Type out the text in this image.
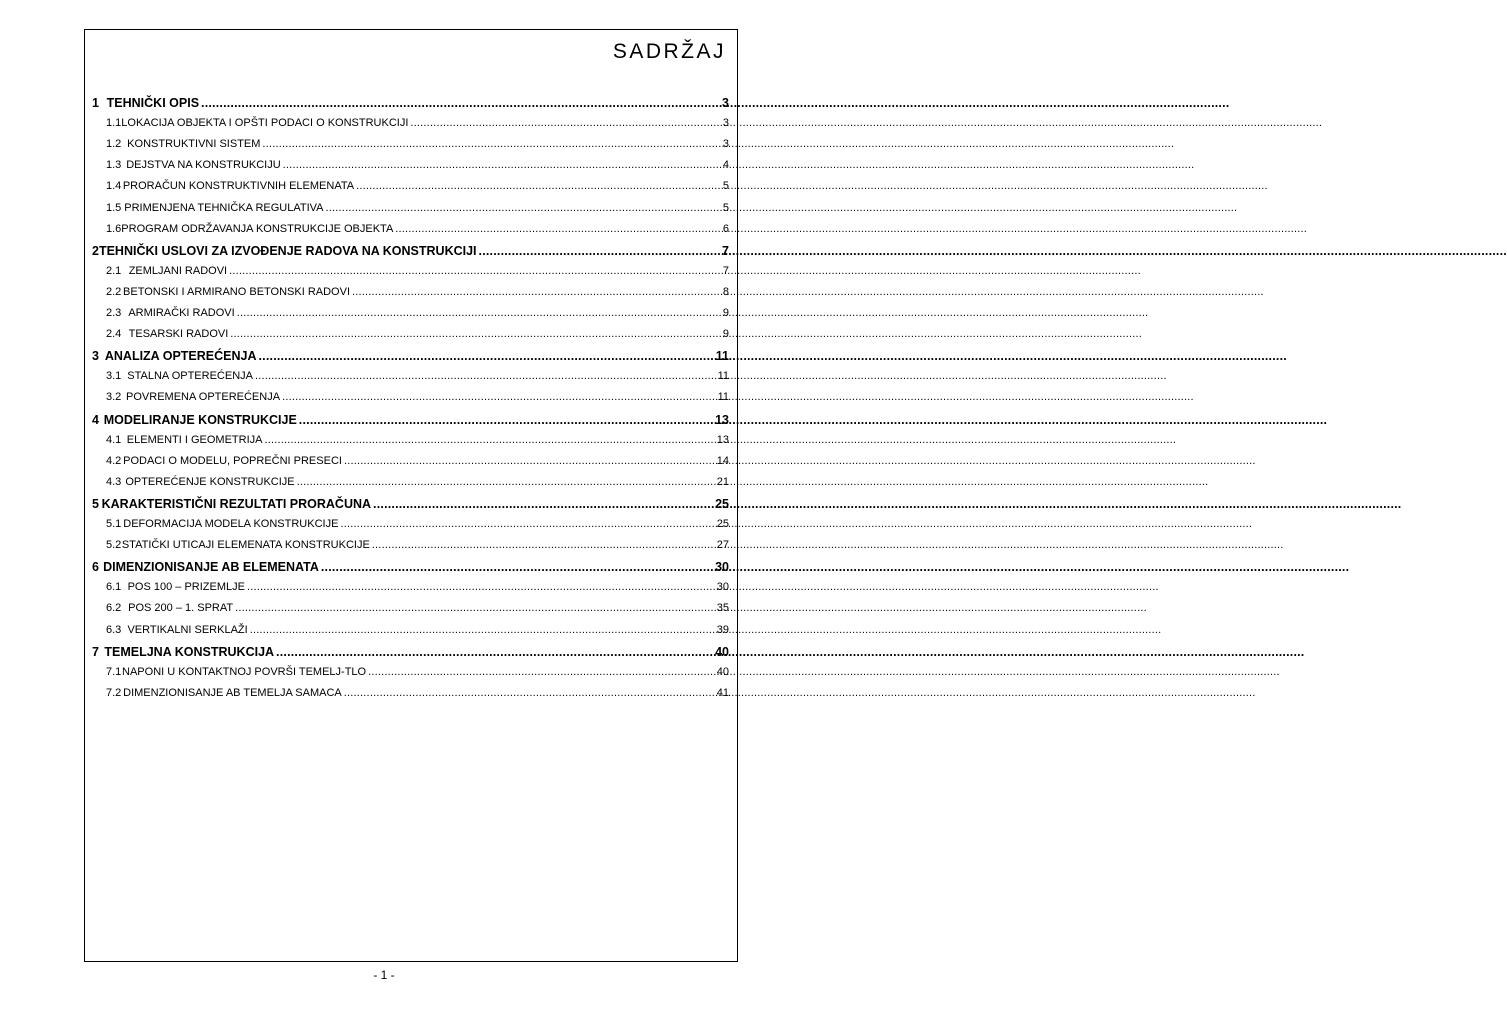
SADRŽAJ
1 TEHNIČKI OPIS .....	3
1.1 LOKACIJA OBJEKTA I OPŠTI PODACI O KONSTRUKCIJI .....	3
1.2 KONSTRUKTIVNI SISTEM .....	3
1.3 DEJSTVA NA KONSTRUKCIJU .....	4
1.4 PRORAČUN KONSTRUKTIVNIH ELEMENATA .....	5
1.5 PRIMENJENA TEHNIČKA REGULATIVA .....	5
1.6 PROGRAM ODRŽAVANJA KONSTRUKCIJE OBJEKTA .....	6
2 TEHNIČKI USLOVI ZA IZVOĐENJE RADOVA NA KONSTRUKCIJI .....	7
2.1 ZEMLJANI RADOVI .....	7
2.2 BETONSKI I ARMIRANO BETONSKI RADOVI .....	8
2.3 ARMIRAČKI RADOVI .....	9
2.4 TESARSKI RADOVI .....	9
3 ANALIZA OPTEREĆENJA .....	11
3.1 STALNA OPTEREĆENJA .....	11
3.2 POVREMENA OPTEREĆENJA .....	11
4 MODELIRANJE KONSTRUKCIJE .....	13
4.1 ELEMENTI I GEOMETRIJA .....	13
4.2 PODACI O MODELU, POPREČNI PRESECI .....	14
4.3 OPTEREĆENJE KONSTRUKCIJE .....	21
5 KARAKTERISTIČNI REZULTATI PRORAČUNA .....	25
5.1 DEFORMACIJA MODELA KONSTRUKCIJE .....	25
5.2 STATIČKI UTICAJI ELEMENATA KONSTRUKCIJE .....	27
6 DIMENZIONISANJE AB ELEMENATA .....	30
6.1 POS 100 – PRIZEMLJE .....	30
6.2 POS 200 – 1. SPRAT .....	35
6.3 VERTIKALNI SERKLAŽI .....	39
7 TEMELJNA KONSTRUKCIJA .....	40
7.1 NAPONI U KONTAKTNOJ POVRŠI TEMELJ-TLO .....	40
7.2 DIMENZIONISANJE AB TEMELJA SAMACA .....	41
- 1 -
